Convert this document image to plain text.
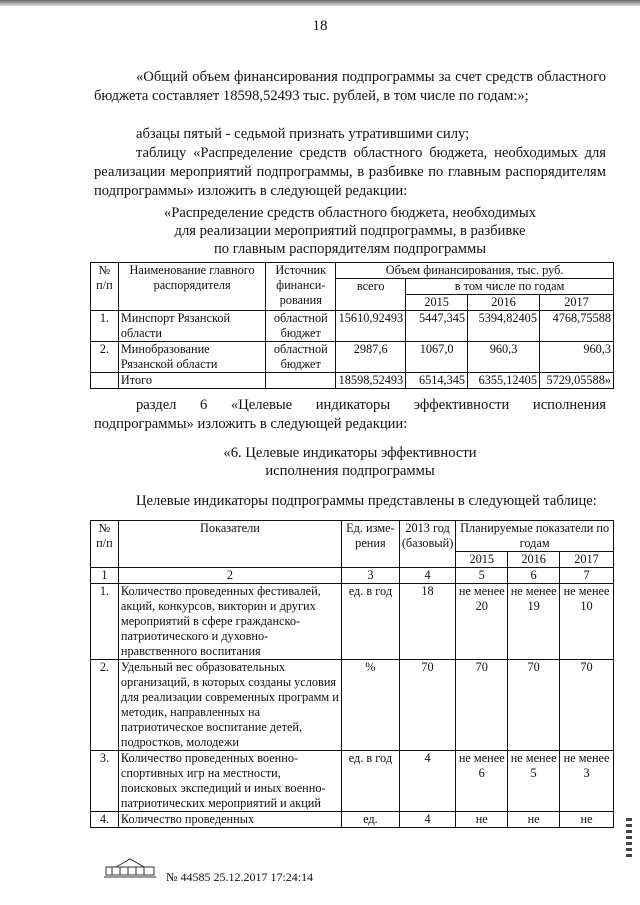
18
«Общий объем финансирования подпрограммы за счет средств областного бюджета составляет 18598,52493 тыс. рублей, в том числе по годам:»;
абзацы пятый - седьмой признать утратившими силу;
таблицу «Распределение средств областного бюджета, необходимых для реализации мероприятий подпрограммы, в разбивке по главным распорядителям подпрограммы» изложить в следующей редакции:
«Распределение средств областного бюджета, необходимых
для реализации мероприятий подпрограммы, в разбивке
по главным распорядителям подпрограммы
№ п/п	Наименование главного распорядителя	Источник финанси-рования	Объем финансирования, тыс. руб.			
			всего	в том числе по годам		
				2015	2016	2017
1.	Минспорт Рязанской области	областной бюджет	15610,92493	5447,345	5394,82405	4768,75588
2.	Минобразование Рязанской области	областной бюджет	2987,6	1067,0	960,3	960,3
	Итого		18598,52493	6514,345	6355,12405	5729,05588»
раздел 6 «Целевые индикаторы эффективности исполнения подпрограммы» изложить в следующей редакции:
«6. Целевые индикаторы эффективности
исполнения подпрограммы
Целевые индикаторы подпрограммы представлены в следующей таблице:
№ п/п	Показатели	Ед. изме-рения	2013 год (базовый)	Планируемые показатели по годам		
				2015	2016	2017
1	2	3	4	5	6	7
1.	Количество проведенных фестивалей, акций, конкурсов, викторин и других мероприятий в сфере гражданско-патриотического и духовно-нравственного воспитания	ед. в год	18	не менее 20	не менее 19	не менее 10
2.	Удельный вес образовательных организаций, в которых созданы условия для реализации современных программ и методик, направленных на патриотическое воспитание детей, подростков, молодежи	%	70	70	70	70
3.	Количество проведенных военно-спортивных игр на местности, поисковых экспедиций и иных военно-патриотических мероприятий и акций	ед. в год	4	не менее 6	не менее 5	не менее 3
4.	Количество проведенных	ед.	4	не	не	не
№ 44585 25.12.2017 17:24:14
